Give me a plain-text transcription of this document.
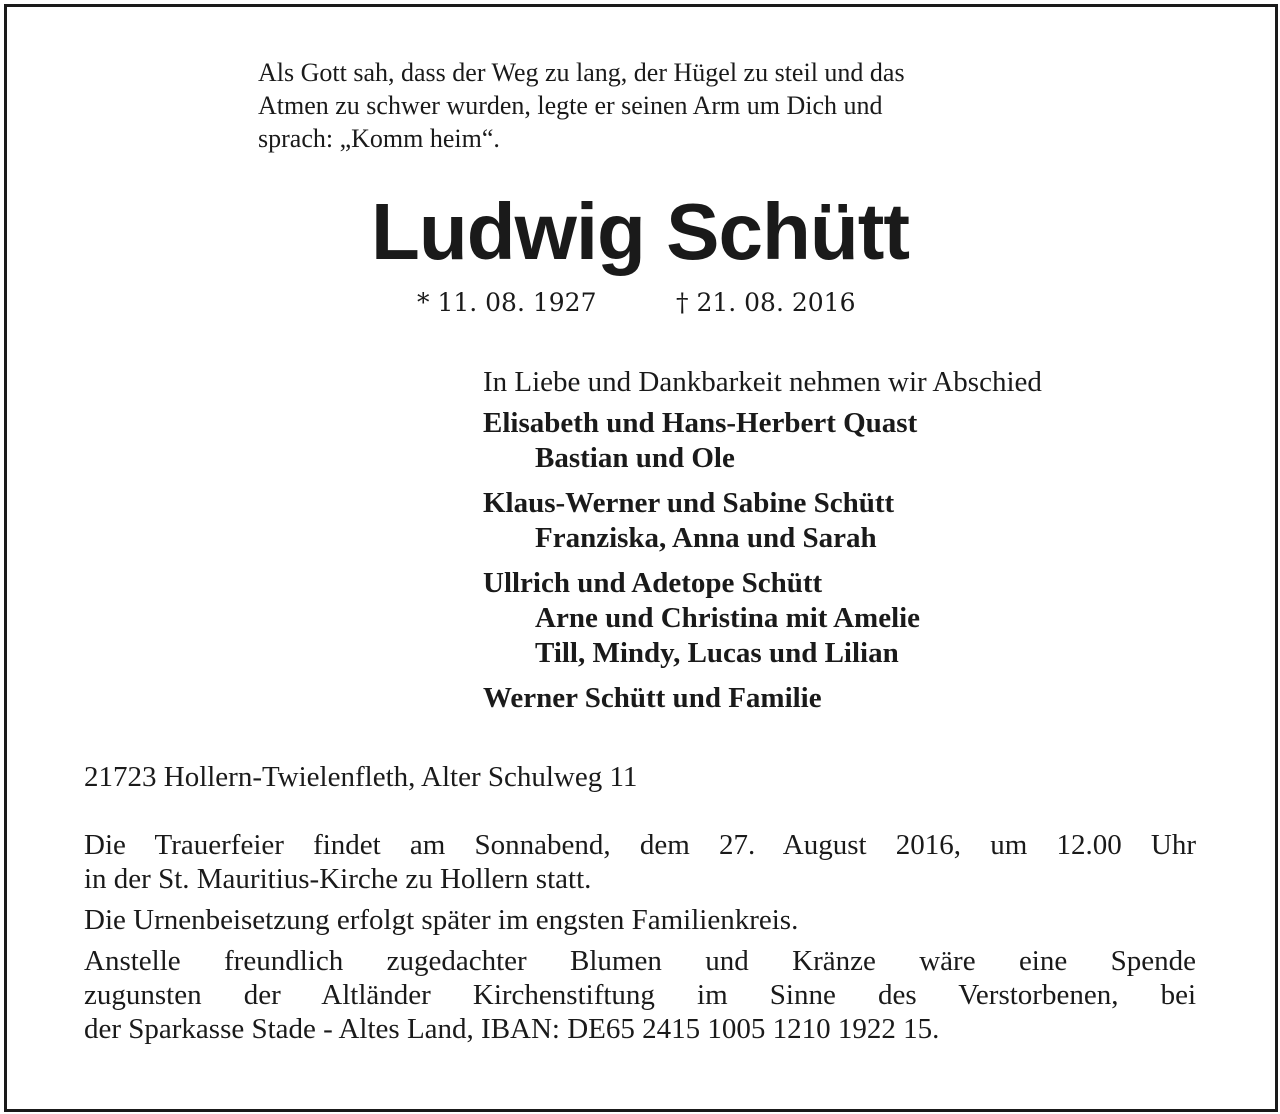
Als Gott sah, dass der Weg zu lang, der Hügel zu steil und das
Atmen zu schwer wurden, legte er seinen Arm um Dich und
sprach: „Komm heim“.
Ludwig Schütt
* 11. 08. 1927	† 21. 08. 2016
In Liebe und Dankbarkeit nehmen wir Abschied
Elisabeth und Hans-Herbert Quast
Bastian und Ole
Klaus-Werner und Sabine Schütt
Franziska, Anna und Sarah
Ullrich und Adetope Schütt
Arne und Christina mit Amelie
Till, Mindy, Lucas und Lilian
Werner Schütt und Familie
21723 Hollern-Twielenfleth, Alter Schulweg 11

Die Trauerfeier findet am Sonnabend, dem 27. August 2016, um 12.00 Uhr
in der St. Mauritius-Kirche zu Hollern statt.

Die Urnenbeisetzung erfolgt später im engsten Familienkreis.

Anstelle freundlich zugedachter Blumen und Kränze wäre eine Spende
zugunsten der Altländer Kirchenstiftung im Sinne des Verstorbenen, bei
der Sparkasse Stade - Altes Land, IBAN: DE65 2415 1005 1210 1922 15.
